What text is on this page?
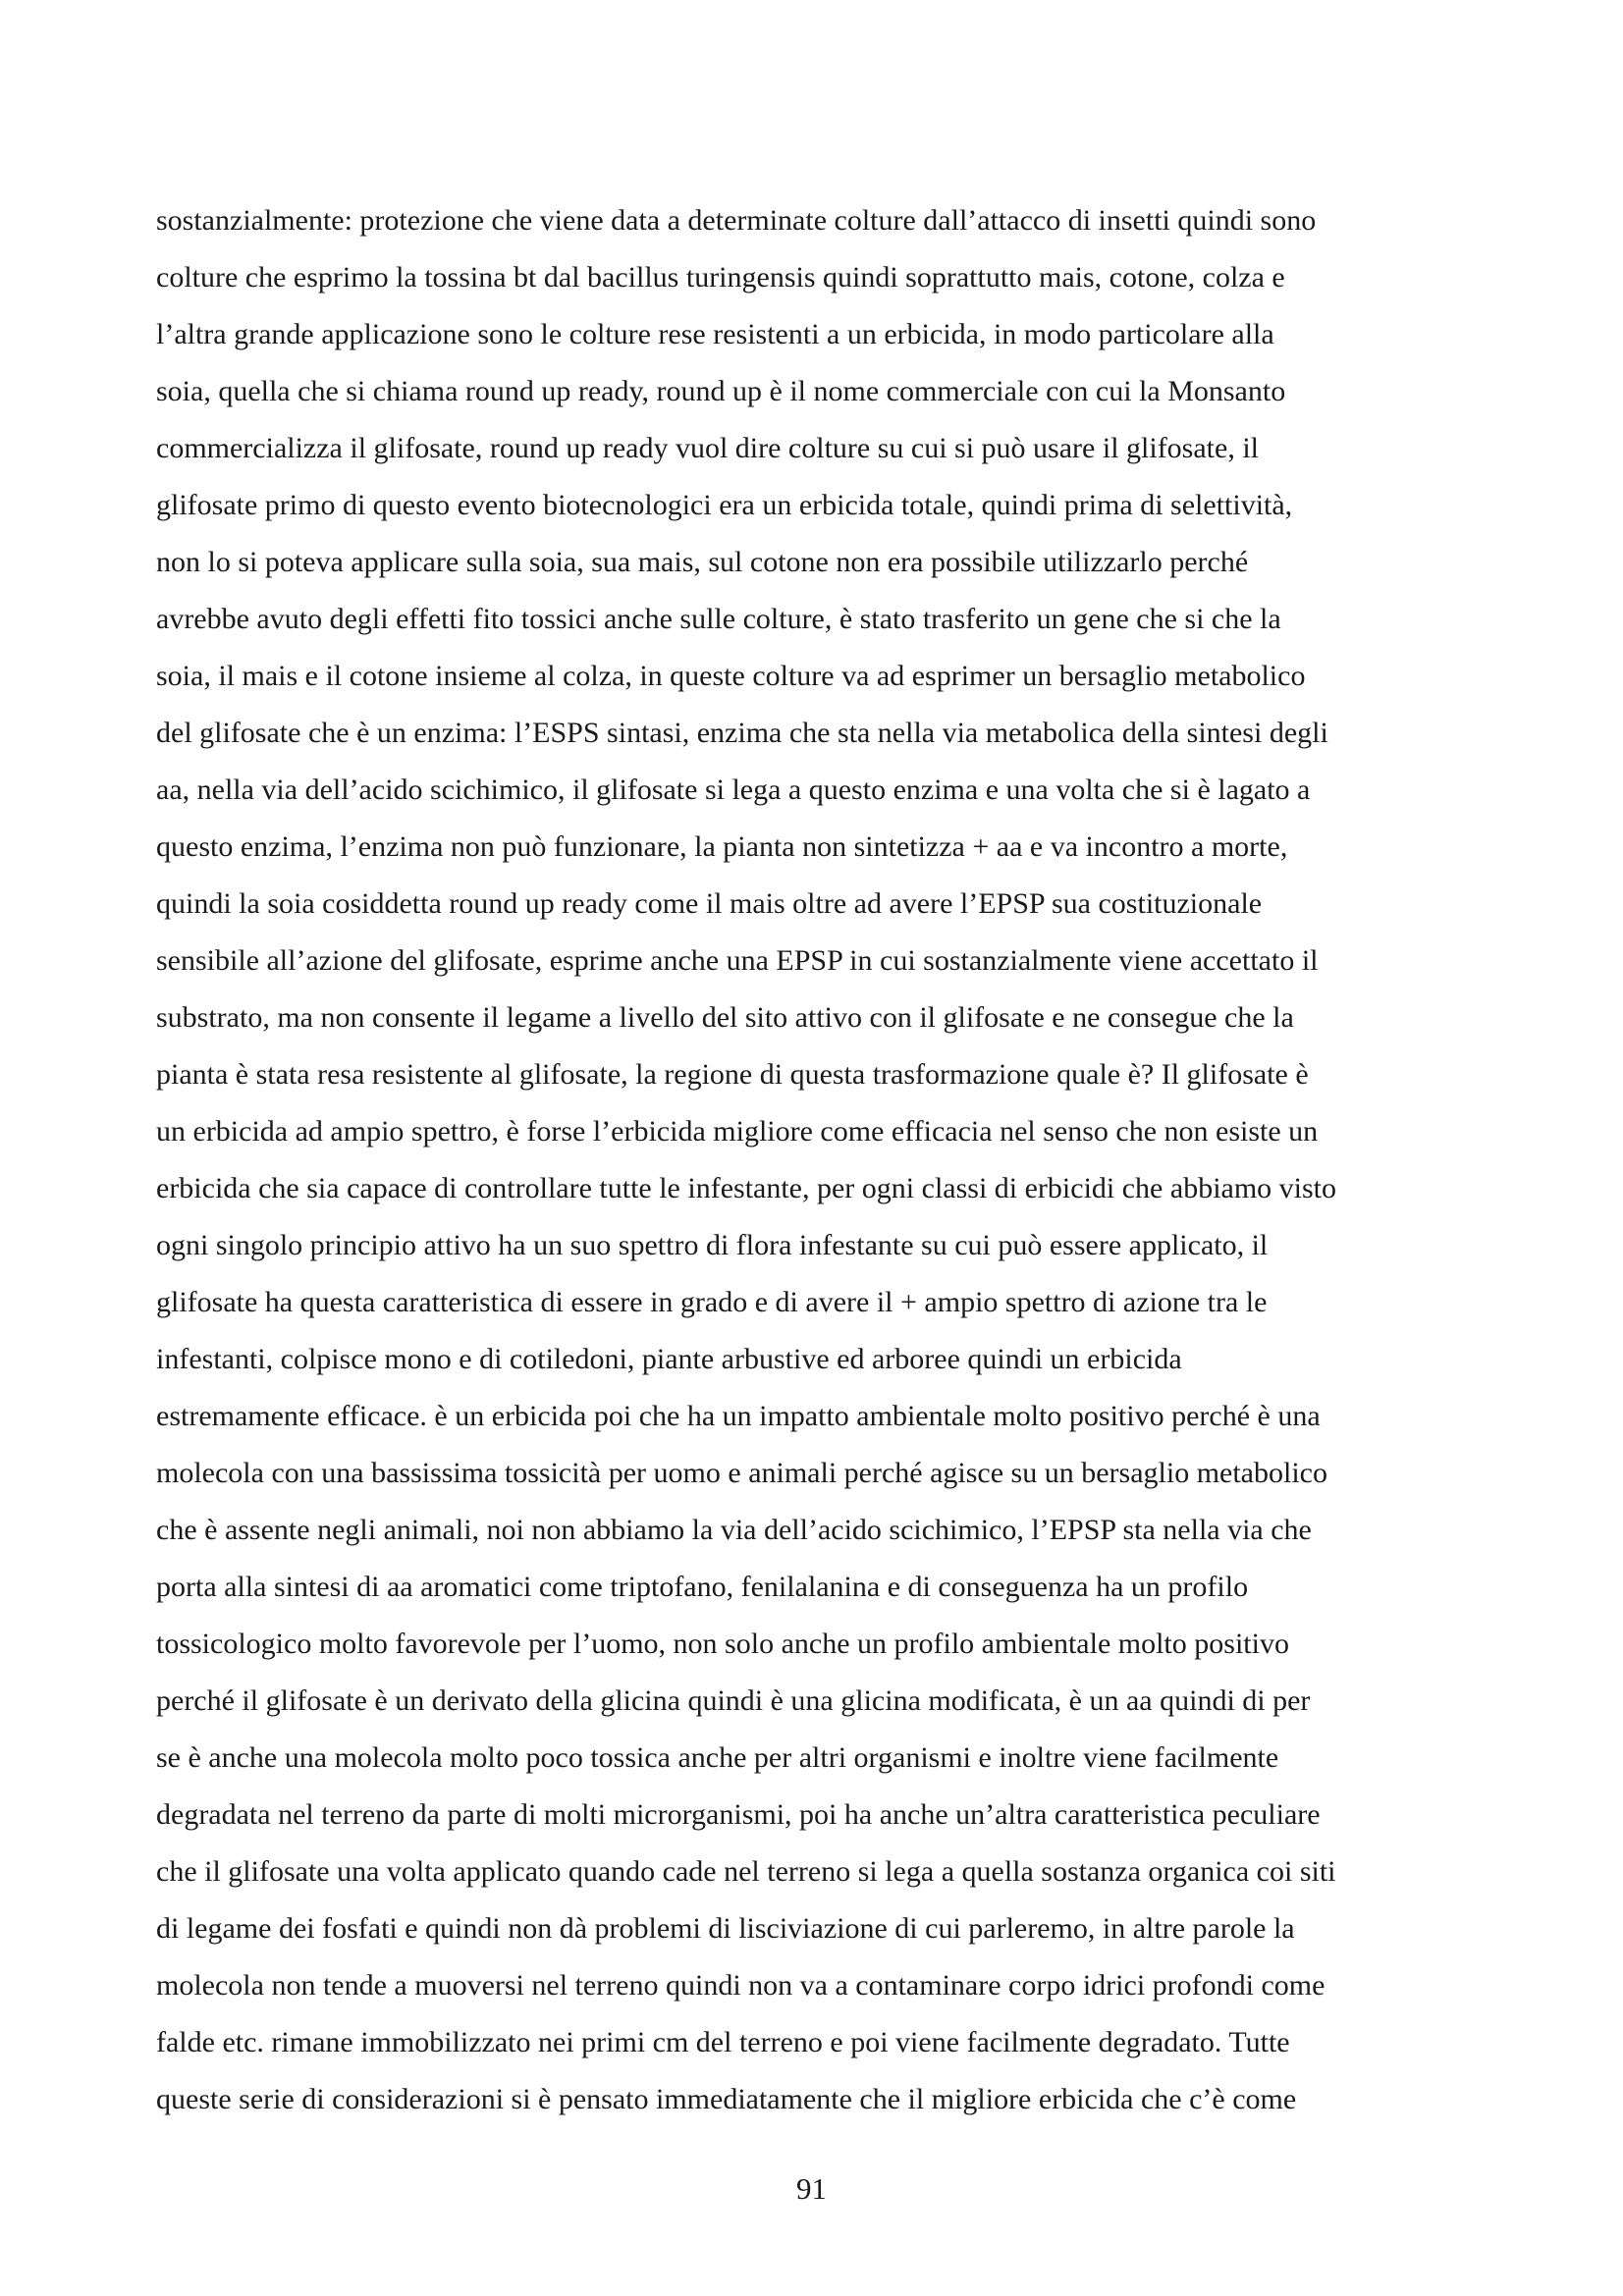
sostanzialmente: protezione che viene data a determinate colture dall’attacco di insetti quindi sono
colture che esprimo la tossina bt dal bacillus turingensis quindi soprattutto mais, cotone, colza e
l’altra grande applicazione sono le colture rese resistenti a un erbicida, in modo particolare alla
soia, quella che si chiama round up ready, round up è il nome commerciale con cui la Monsanto
commercializza il glifosate, round up ready vuol dire colture su cui si può usare il glifosate, il
glifosate primo di questo evento biotecnologici era un erbicida totale, quindi prima di selettività,
non lo si poteva applicare sulla soia, sua mais, sul cotone non era possibile utilizzarlo perché
avrebbe avuto degli effetti fito tossici anche sulle colture, è stato trasferito un gene che si che la
soia, il mais e il cotone insieme al colza, in queste colture va ad esprimer un bersaglio metabolico
del glifosate che è un enzima: l’ESPS sintasi, enzima che sta nella via metabolica della sintesi degli
aa, nella via dell’acido scichimico, il glifosate si lega a questo enzima e una volta che si è lagato a
questo enzima, l’enzima non può funzionare, la pianta non sintetizza + aa e va incontro a morte,
quindi la soia cosiddetta round up ready come il mais oltre ad avere l’EPSP sua costituzionale
sensibile all’azione del glifosate, esprime anche una EPSP in cui sostanzialmente viene accettato il
substrato, ma non consente il legame a livello del sito attivo con il glifosate e ne consegue che la
pianta è stata resa resistente al glifosate, la regione di questa trasformazione quale è? Il glifosate è
un erbicida ad ampio spettro, è forse l’erbicida migliore come efficacia nel senso che non esiste un
erbicida che sia capace di controllare tutte le infestante, per ogni classi di erbicidi che abbiamo visto
ogni singolo principio attivo ha un suo spettro di flora infestante su cui può essere applicato, il
glifosate ha questa caratteristica di essere in grado e di avere il + ampio spettro di azione tra le
infestanti, colpisce mono e di cotiledoni, piante arbustive ed arboree quindi un erbicida
estremamente efficace. è un erbicida poi che ha un impatto ambientale molto positivo perché è una
molecola con una bassissima tossicità per uomo e animali perché agisce su un bersaglio metabolico
che è assente negli animali, noi non abbiamo la via dell’acido scichimico, l’EPSP sta nella via che
porta alla sintesi di aa aromatici come triptofano, fenilalanina e di conseguenza ha un profilo
tossicologico molto favorevole per l’uomo, non solo anche un profilo ambientale molto positivo
perché il glifosate è un derivato della glicina quindi è una glicina modificata, è un aa quindi di per
se è anche una molecola molto poco tossica anche per altri organismi e inoltre viene facilmente
degradata nel terreno da parte di molti microrganismi, poi ha anche un’altra caratteristica peculiare
che il glifosate una volta applicato quando cade nel terreno si lega a quella sostanza organica coi siti
di legame dei fosfati e quindi non dà problemi di lisciviazione di cui parleremo, in altre parole la
molecola non tende a muoversi nel terreno quindi non va a contaminare corpo idrici profondi come
falde etc. rimane immobilizzato nei primi cm del terreno e poi viene facilmente degradato. Tutte
queste serie di considerazioni si è pensato immediatamente che il migliore erbicida che c’è come
91
